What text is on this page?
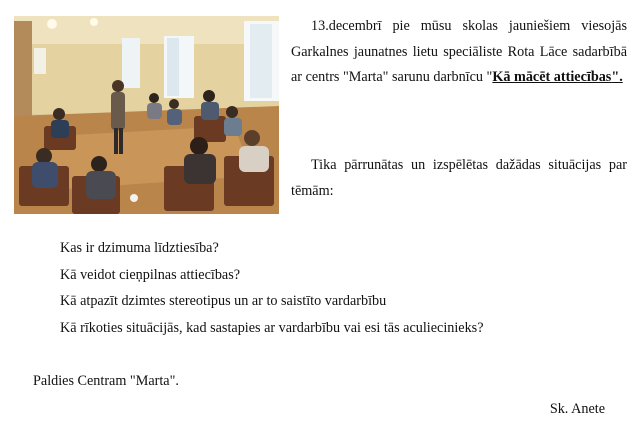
13.decembrī pie mūsu skolas jauniešiem viesojās Garkalnes jaunatnes lietu speciāliste Rota Lāce sadarbībā ar centrs "Marta" sarunu darbnīcu "Kā mācēt attiecības".

Tika pārrunātas un izspēlētas dažādas situācijas par tēmām:

Kas ir dzimuma līdztiesība?
Kā veidot cieņpilnas attiecības?
Kā atpazīt dzimtes stereotipus un ar to saistīto vardarbību
Kā rīkoties situācijās, kad sastapies ar vardarbību vai esi tās aculiecinieks?

Paldies Centram "Marta".

Sk. Anete
